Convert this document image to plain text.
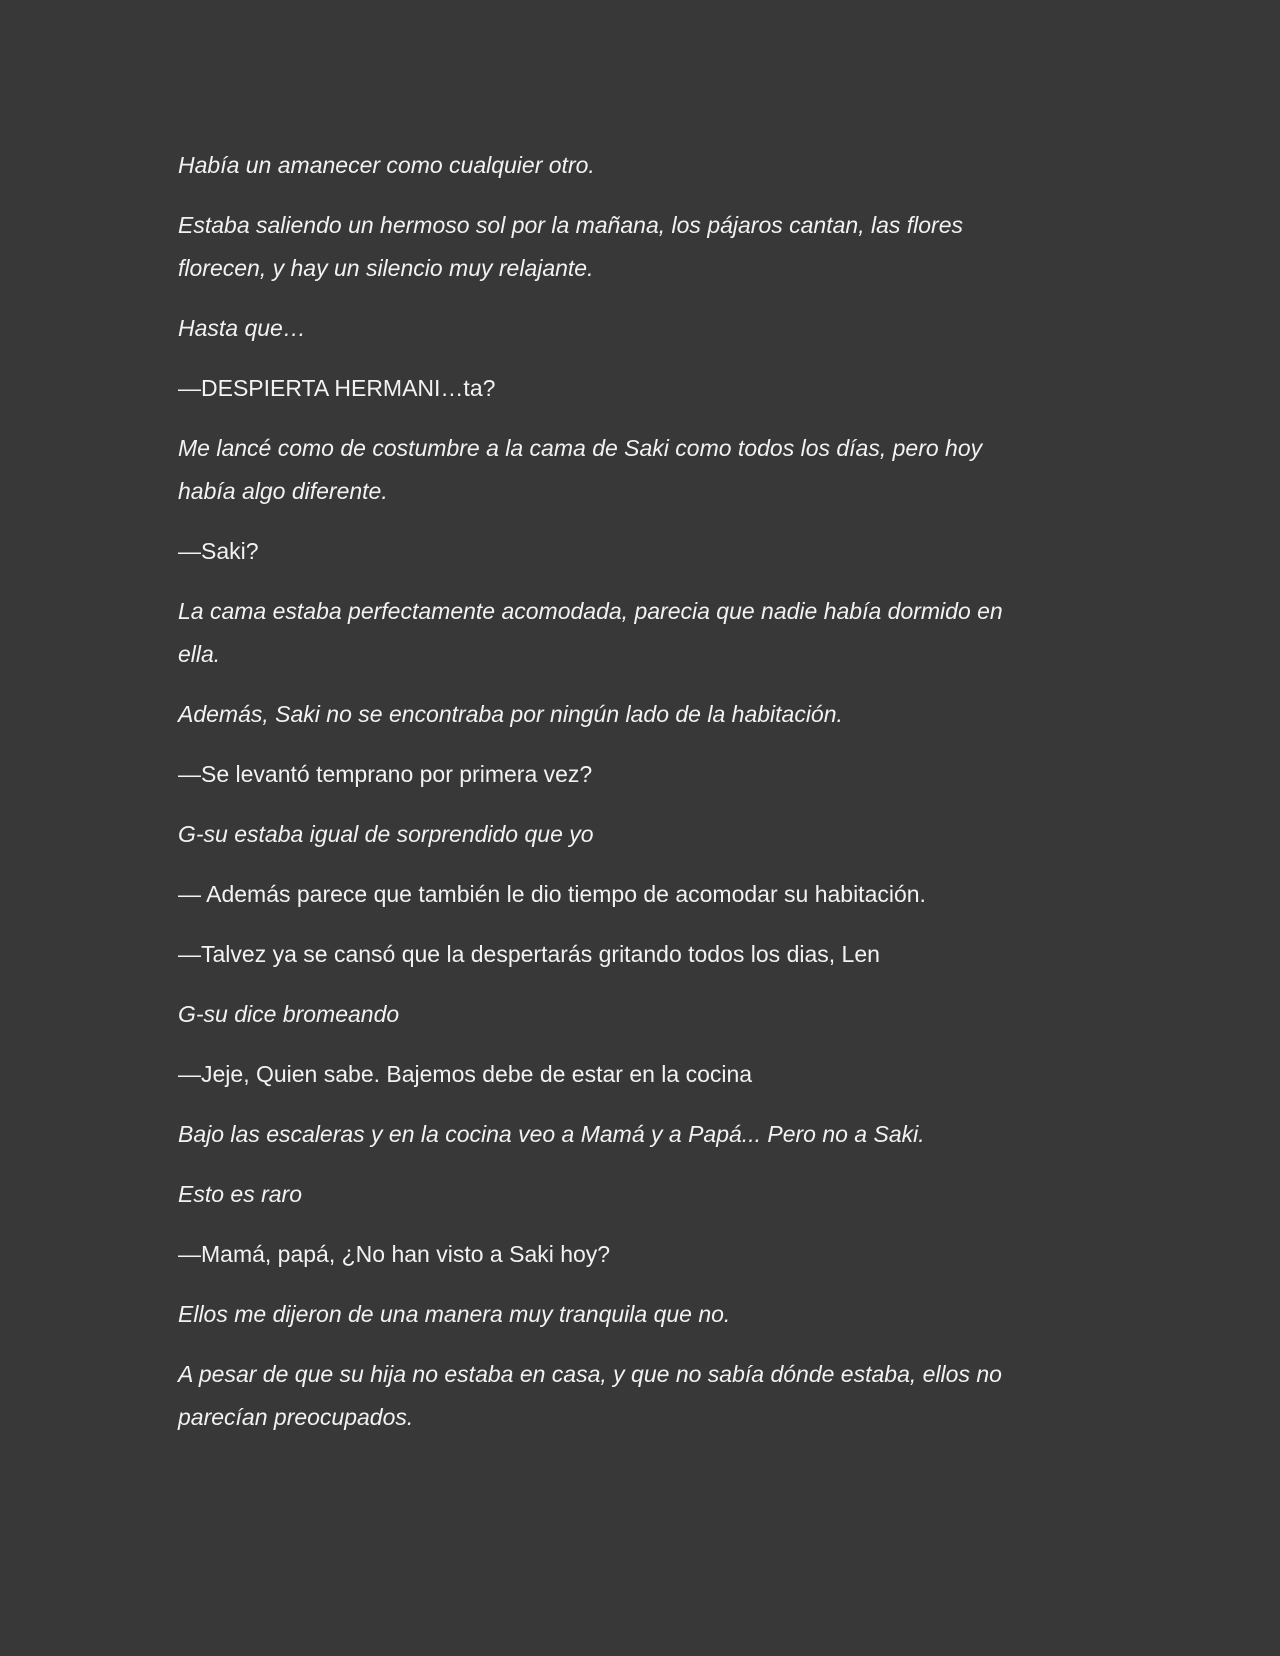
Había un amanecer como cualquier otro.

Estaba saliendo un hermoso sol por la mañana, los pájaros cantan, las flores
florecen, y hay un silencio muy relajante.

Hasta que…

—DESPIERTA HERMANI…ta?

Me lancé como de costumbre a la cama de Saki como todos los días, pero hoy
había algo diferente.

—Saki?

La cama estaba perfectamente acomodada, parecia que nadie había dormido en
ella.

Además, Saki no se encontraba por ningún lado de la habitación.

—Se levantó temprano por primera vez?

G-su estaba igual de sorprendido que yo

— Además parece que también le dio tiempo de acomodar su habitación.

—Talvez ya se cansó que la despertarás gritando todos los dias, Len

G-su dice bromeando

—Jeje, Quien sabe. Bajemos debe de estar en la cocina

Bajo las escaleras y en la cocina veo a Mamá y a Papá... Pero no a Saki.

Esto es raro

—Mamá, papá, ¿No han visto a Saki hoy?

Ellos me dijeron de una manera muy tranquila que no.

A pesar de que su hija no estaba en casa, y que no sabía dónde estaba, ellos no
parecían preocupados.
